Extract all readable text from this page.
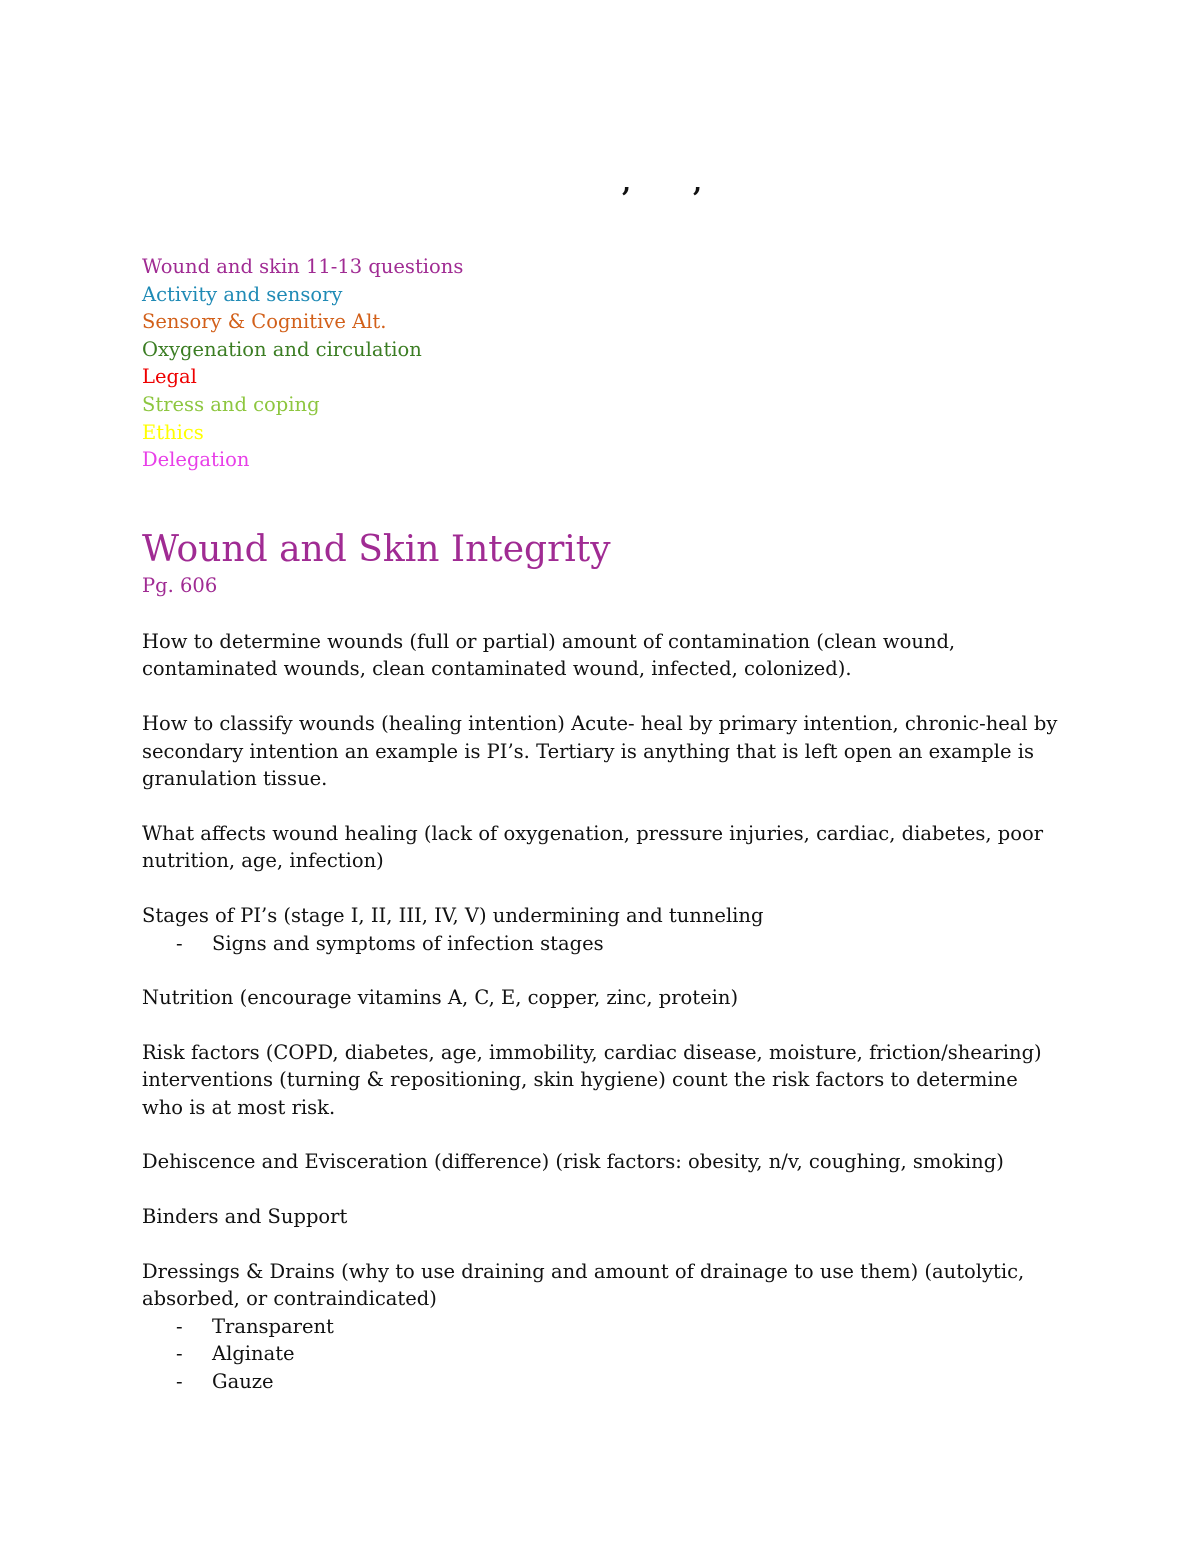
, ,
Wound and skin 11-13 questions
Activity and sensory
Sensory & Cognitive Alt.
Oxygenation and circulation
Legal
Stress and coping
Ethics
Delegation
Wound and Skin Integrity

Pg. 606

How to determine wounds (full or partial) amount of contamination (clean wound, contaminated wounds, clean contaminated wound, infected, colonized).

How to classify wounds (healing intention) Acute- heal by primary intention, chronic-heal by secondary intention an example is PI’s. Tertiary is anything that is left open an example is granulation tissue.

What affects wound healing (lack of oxygenation, pressure injuries, cardiac, diabetes, poor nutrition, age, infection)

Stages of PI’s (stage I, II, III, IV, V) undermining and tunneling

- Signs and symptoms of infection stages

Nutrition (encourage vitamins A, C, E, copper, zinc, protein)

Risk factors (COPD, diabetes, age, immobility, cardiac disease, moisture, friction/shearing) interventions (turning & repositioning, skin hygiene) count the risk factors to determine who is at most risk.

Dehiscence and Evisceration (difference) (risk factors: obesity, n/v, coughing, smoking)

Binders and Support

Dressings & Drains (why to use draining and amount of drainage to use them) (autolytic, absorbed, or contraindicated)

- Transparent
- Alginate
- Gauze
